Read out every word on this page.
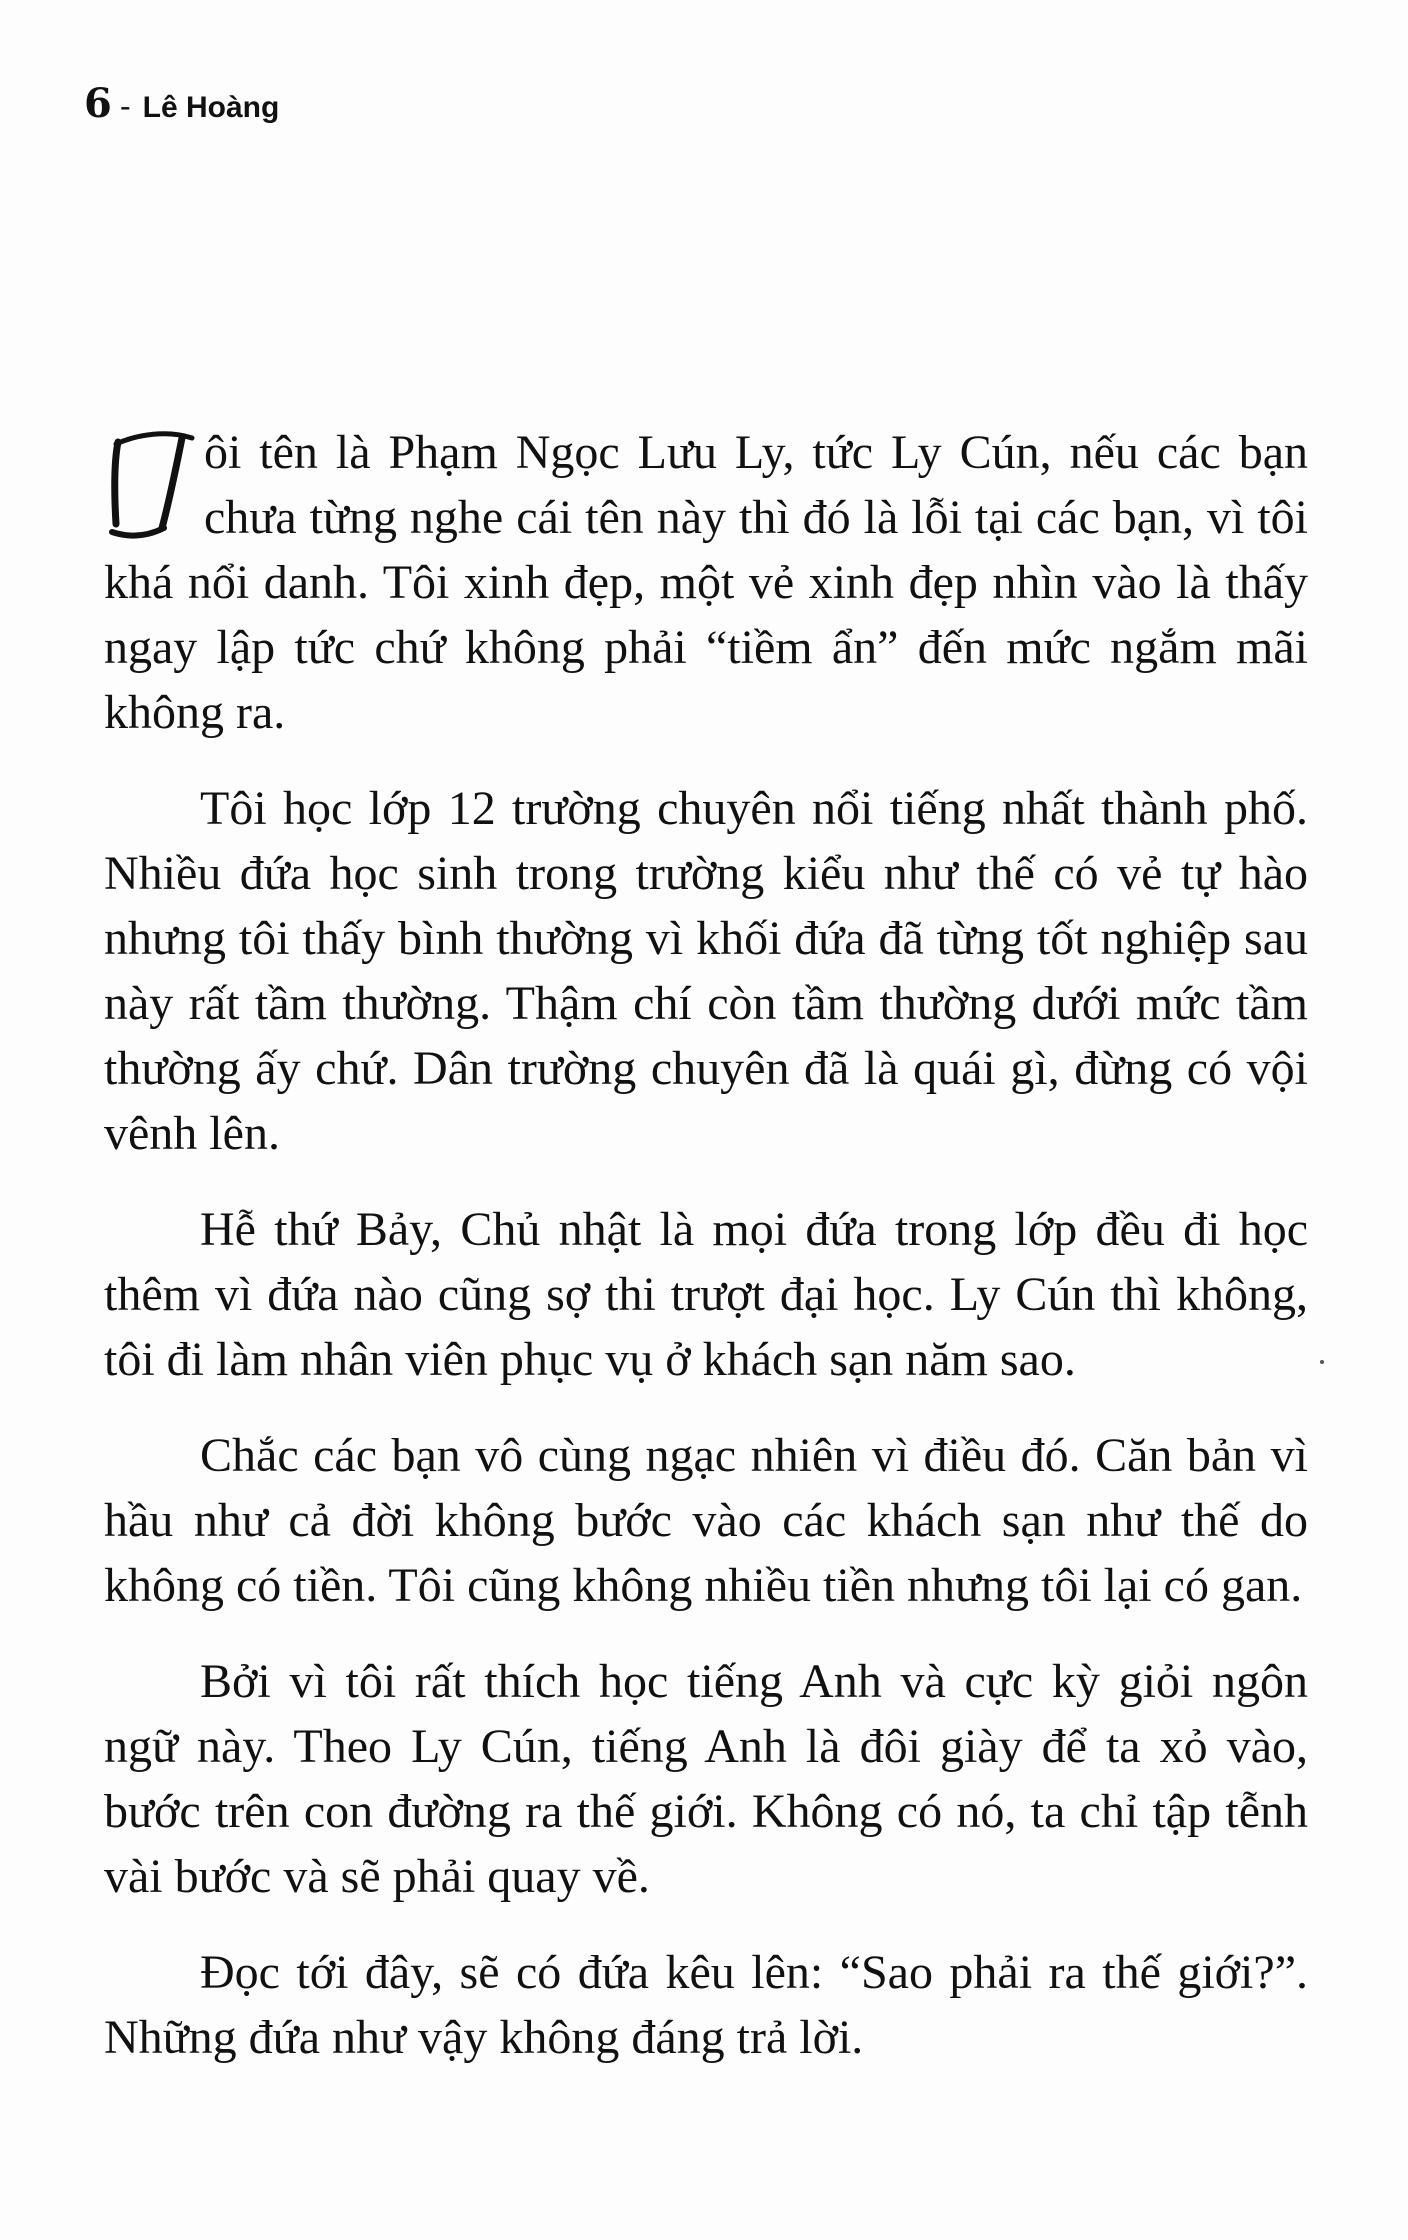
6 - Lê Hoàng

ôi tên là Phạm Ngọc Lưu Ly, tức Ly Cún, nếu các bạn chưa từng nghe cái tên này thì đó là lỗi tại các bạn, vì tôi khá nổi danh. Tôi xinh đẹp, một vẻ xinh đẹp nhìn vào là thấy ngay lập tức chứ không phải “tiềm ẩn” đến mức ngắm mãi không ra.

Tôi học lớp 12 trường chuyên nổi tiếng nhất thành phố. Nhiều đứa học sinh trong trường kiểu như thế có vẻ tự hào nhưng tôi thấy bình thường vì khối đứa đã từng tốt nghiệp sau này rất tầm thường. Thậm chí còn tầm thường dưới mức tầm thường ấy chứ. Dân trường chuyên đã là quái gì, đừng có vội vênh lên.

Hễ thứ Bảy, Chủ nhật là mọi đứa trong lớp đều đi học thêm vì đứa nào cũng sợ thi trượt đại học. Ly Cún thì không, tôi đi làm nhân viên phục vụ ở khách sạn năm sao.

Chắc các bạn vô cùng ngạc nhiên vì điều đó. Căn bản vì hầu như cả đời không bước vào các khách sạn như thế do không có tiền. Tôi cũng không nhiều tiền nhưng tôi lại có gan.

Bởi vì tôi rất thích học tiếng Anh và cực kỳ giỏi ngôn ngữ này. Theo Ly Cún, tiếng Anh là đôi giày để ta xỏ vào, bước trên con đường ra thế giới. Không có nó, ta chỉ tập tễnh vài bước và sẽ phải quay về.

Đọc tới đây, sẽ có đứa kêu lên: “Sao phải ra thế giới?”. Những đứa như vậy không đáng trả lời.
